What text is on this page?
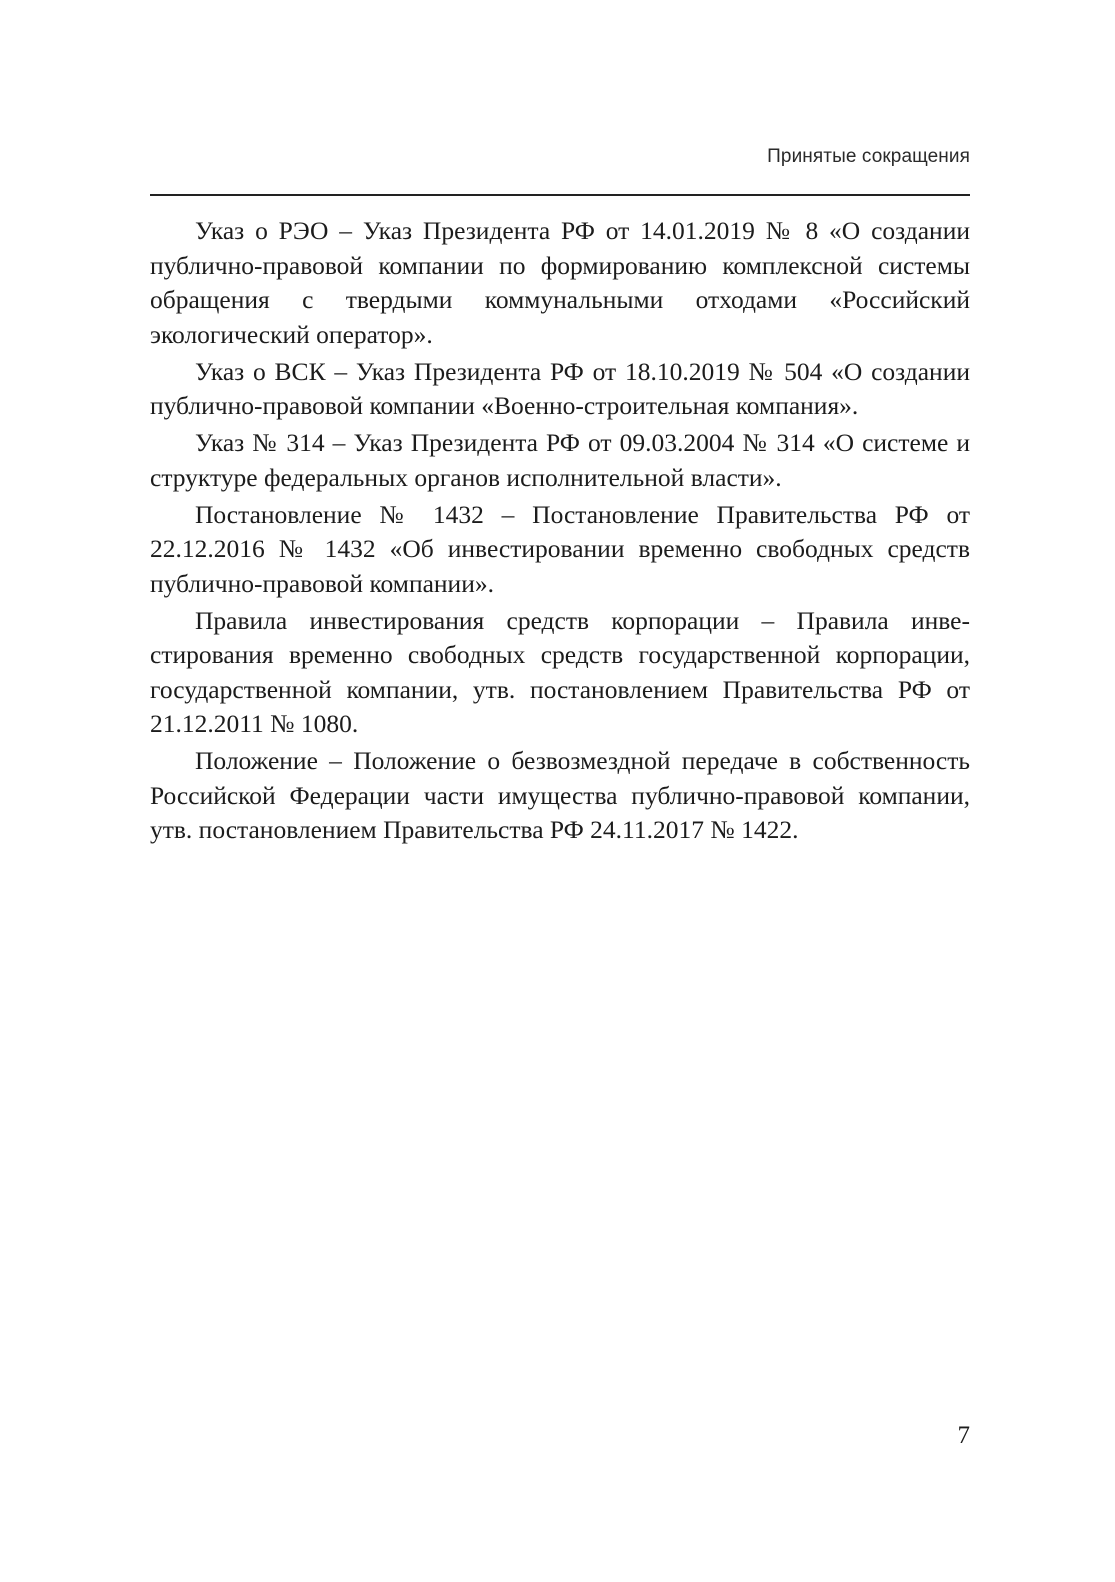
Принятые сокращения

Указ о РЭО – Указ Президента РФ от 14.01.2019 № 8 «О создании публично-правовой компании по формированию комплексной системы обращения с твердыми коммунальными отходами «Российский экологический оператор».

Указ о ВСК – Указ Президента РФ от 18.10.2019 № 504 «О создании публично-правовой компании «Военно-строительная компания».

Указ № 314 – Указ Президента РФ от 09.03.2004 № 314 «О системе и структуре федеральных органов исполнительной власти».

Постановление № 1432 – Постановление Правительства РФ от 22.12.2016 № 1432 «Об инвестировании временно свободных средств публично-правовой компании».

Правила инвестирования средств корпорации – Правила инвестирования временно свободных средств государственной корпорации, государственной компании, утв. постановлением Правительства РФ от 21.12.2011 № 1080.

Положение – Положение о безвозмездной передаче в собственность Российской Федерации части имущества публично-правовой компании, утв. постановлением Правительства РФ 24.11.2017 № 1422.

7
